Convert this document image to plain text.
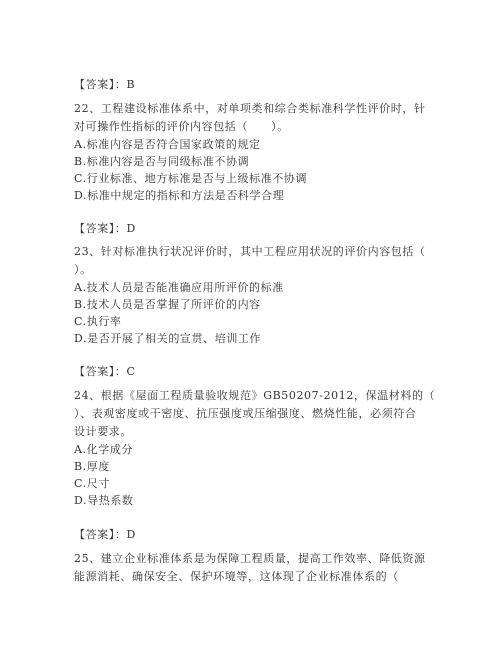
【答案】：B
22、工程建设标准体系中，对单项类和综合类标准科学性评价时，针
对可操作性指标的评价内容包括（　　）。
A.标准内容是否符合国家政策的规定
B.标准内容是否与同级标准不协调
C.行业标准、地方标准是否与上级标准不协调
D.标准中规定的指标和方法是否科学合理
【答案】：D
23、针对标准执行状况评价时，其中工程应用状况的评价内容包括（
）。
A.技术人员是否能准确应用所评价的标准
B.技术人员是否掌握了所评价的内容
C.执行率
D.是否开展了相关的宣贯、培训工作
【答案】：C
24、根据《屋面工程质量验收规范》GB50207-2012，保温材料的（
）、表观密度或干密度、抗压强度或压缩强度、燃烧性能，必须符合
设计要求。
A.化学成分
B.厚度
C.尺寸
D.导热系数
【答案】：D
25、建立企业标准体系是为保障工程质量，提高工作效率、降低资源
能源消耗、确保安全、保护环境等，这体现了企业标准体系的（
